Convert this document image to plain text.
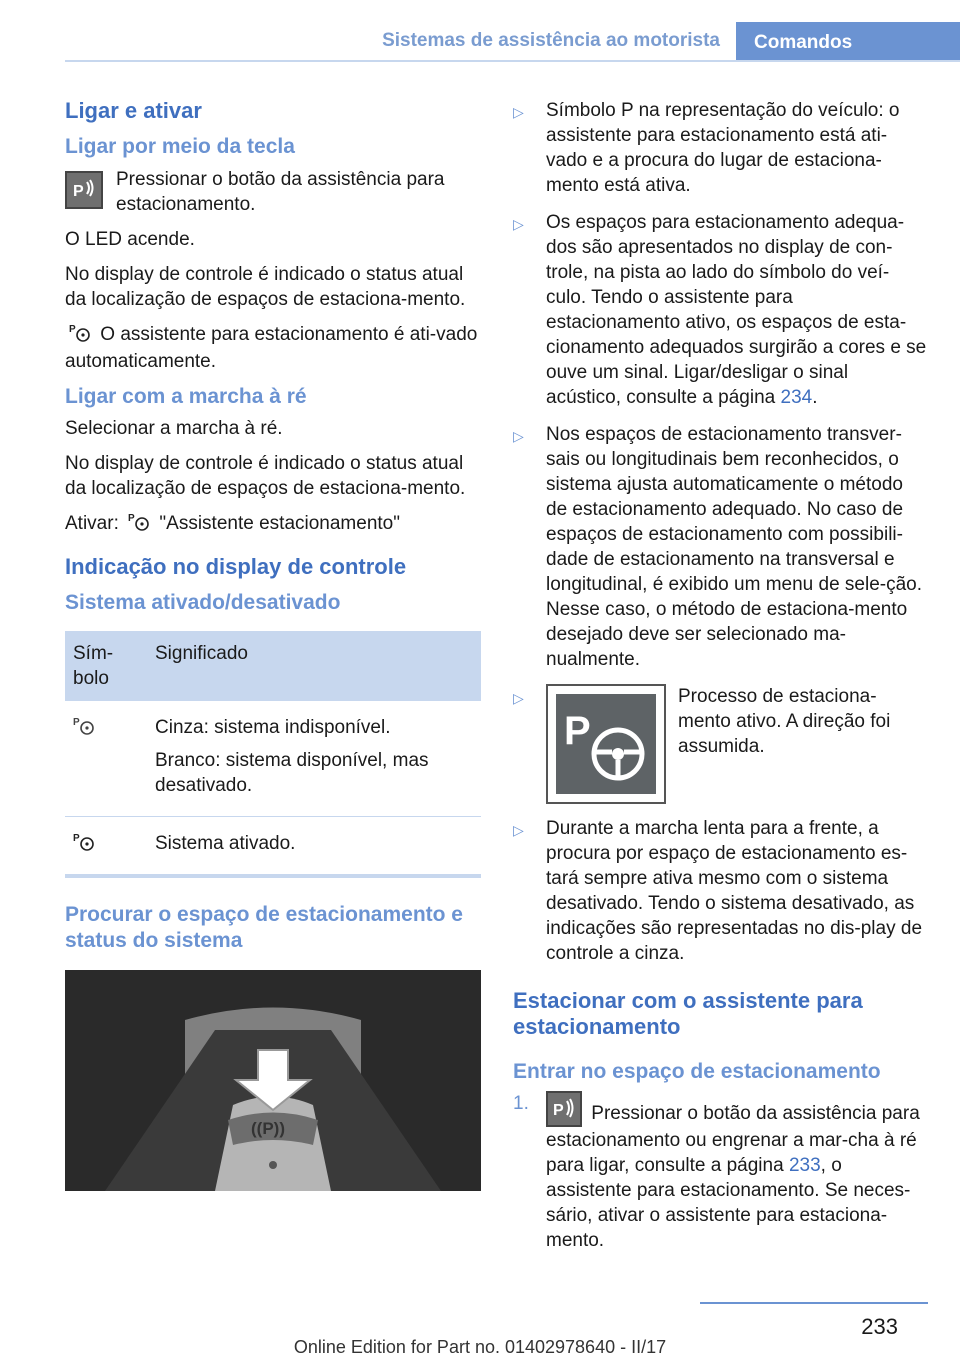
Sistemas de assistência ao motorista	Comandos
Ligar e ativar
Ligar por meio da tecla
P

Pressionar o botão da assistência para estacionamento.

O LED acende.

No display de controle é indicado o status atual da localização de espaços de estaciona-mento.

P O assistente para estacionamento é ati-vado automaticamente.

Ligar com a marcha à ré

Selecionar a marcha à ré.

No display de controle é indicado o status atual da localização de espaços de estaciona-mento.

Ativar: P "Assistente estacionamento"

Indicação no display de controle
Sistema ativado/desativado
Sím-bolo	Significado

P	Cinza: sistema indisponível.

Branco: sistema disponível, mas desativado.

P	Sistema ativado.

Procurar o espaço de estacionamento e status do sistema
((P))
▷ Símbolo P na representação do veículo: o assistente para estacionamento está ati-vado e a procura do lugar de estaciona-mento está ativa.
▷ Os espaços para estacionamento adequa-dos são apresentados no display de con-trole, na pista ao lado do símbolo do veí-culo. Tendo o assistente para estacionamento ativo, os espaços de esta-cionamento adequados surgirão a cores e se ouve um sinal. Ligar/desligar o sinal acústico, consulte a página 234.
▷ Nos espaços de estacionamento transver-sais ou longitudinais bem reconhecidos, o sistema ajusta automaticamente o método de estacionamento adequado. No caso de espaços de estacionamento com possibili-dade de estacionamento na transversal e longitudinal, é exibido um menu de sele-ção. Nesse caso, o método de estaciona-mento desejado deve ser selecionado ma-nualmente.
▷
P
Processo de estaciona-mento ativo. A direção foi assumida.
▷ Durante a marcha lenta para a frente, a procura por espaço de estacionamento es-tará sempre ativa mesmo com o sistema desativado. Tendo o sistema desativado, as indicações são representadas no dis-play de controle a cinza.
Estacionar com o assistente para estacionamento
Entrar no espaço de estacionamento
1. P Pressionar o botão da assistência para estacionamento ou engrenar a mar-cha à ré para ligar, consulte a página 233, o assistente para estacionamento. Se neces-sário, ativar o assistente para estaciona-mento.
233
Online Edition for Part no. 01402978640 - II/17
